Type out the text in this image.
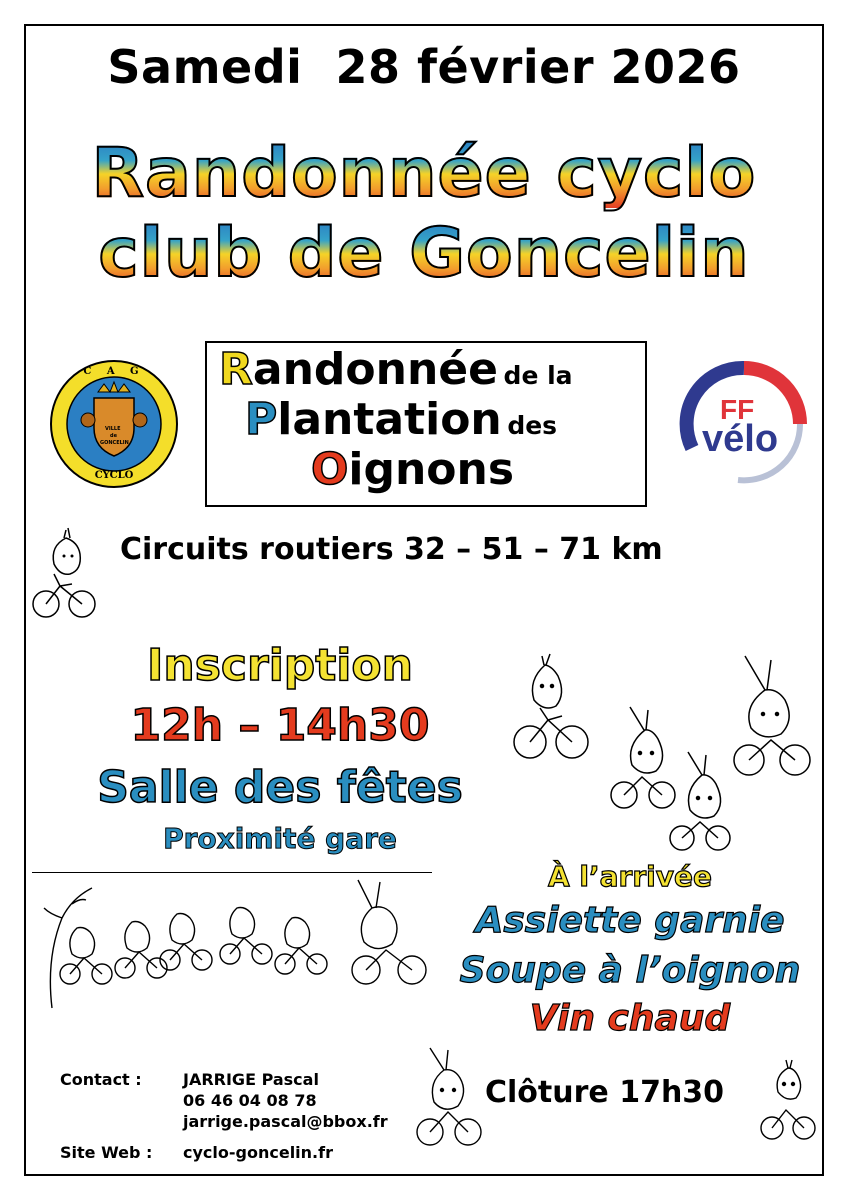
Samedi  28 février 2026
Randonnée cyclo
club de Goncelin
C A G
VILLE
de
GONCELIN
CYCLO
Randonnée de la
Plantation des
Oignons
FF
vélo
Circuits routiers 32 – 51 – 71 km
Inscription
12h – 14h30
Salle des fêtes
Proximité gare
À l’arrivée
Assiette garnie
Soupe à l’oignon
Vin chaud
Clôture 17h30
Contact :	JARRIGE Pascal
06 46 04 08 78
jarrige.pascal@bbox.fr
Site Web : cyclo-goncelin.fr
